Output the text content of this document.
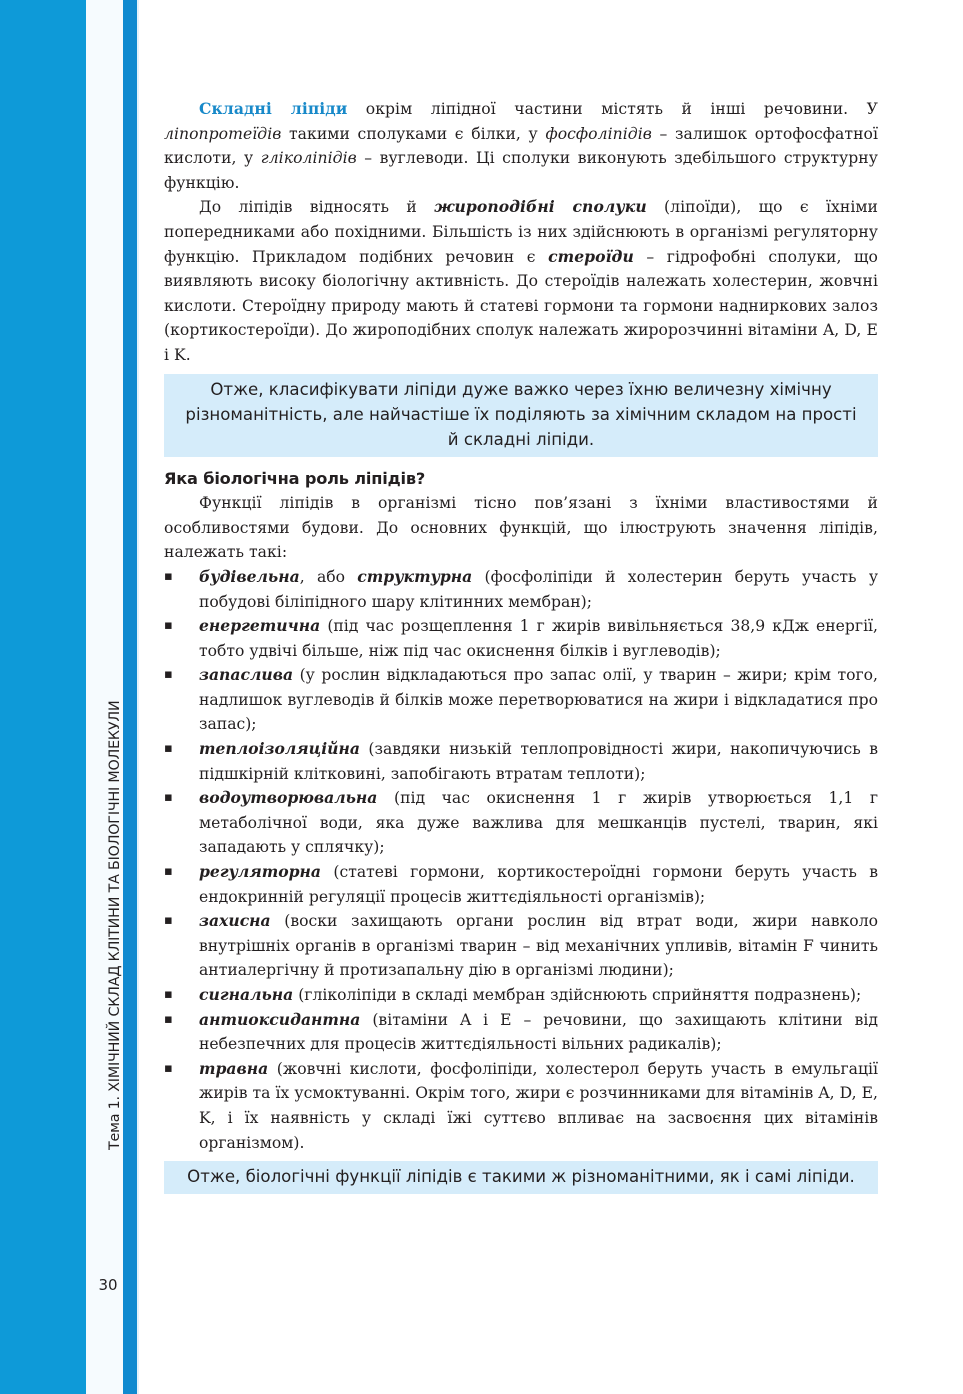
Тема 1. ХІМІЧНИЙ СКЛАД КЛІТИНИ ТА БІОЛОГІЧНІ МОЛЕКУЛИ
30

Складні ліпіди окрім ліпідної частини містять й інші речовини. У ліпопротеїдів такими сполуками є білки, у фосфоліпідів – залишок ортофосфатної кислоти, у гліколіпідів – вуглеводи. Ці сполуки виконують здебільшого структурну функцію.

До ліпідів відносять й жироподібні сполуки (ліпоїди), що є їхніми попередниками або похідними. Більшість із них здійснюють в організмі регуляторну функцію. Прикладом подібних речовин є стероїди – гідрофобні сполуки, що виявляють високу біологічну активність. До стероїдів належать холестерин, жовчні кислоти. Стероїдну природу мають й статеві гормони та гормони надниркових залоз (кортикостероїди). До жироподібних сполук належать жиророзчинні вітаміни A, D, E і K.

Отже, класифікувати ліпіди дуже важко через їхню величезну хімічну різноманітність, але найчастіше їх поділяють за хімічним складом на прості й складні ліпіди.
Яка біологічна роль ліпідів?

Функції ліпідів в організмі тісно пов’язані з їхніми властивостями й особливостями будови. До основних функцій, що ілюструють значення ліпідів, належать такі:

▪
будівельна, або структурна (фосфоліпіди й холестерин беруть участь у побудові біліпідного шару клітинних мембран);
▪
енергетична (під час розщеплення 1 г жирів вивільняється 38,9 кДж енергії, тобто удвічі більше, ніж під час окиснення білків і вуглеводів);
▪
запаслива (у рослин відкладаються про запас олії, у тварин – жири; крім того, надлишок вуглеводів й білків може перетворюватися на жири і відкладатися про запас);
▪
теплоізоляційна (завдяки низькій теплопровідності жири, накопичуючись в підшкірній клітковині, запобігають втратам теплоти);
▪
водоутворювальна (під час окиснення 1 г жирів утворюється 1,1 г метаболічної води, яка дуже важлива для мешканців пустелі, тварин, які западають у сплячку);
▪
регуляторна (статеві гормони, кортикостероїдні гормони беруть участь в ендокринній регуляції процесів життєдіяльності організмів);
▪
захисна (воски захищають органи рослин від втрат води, жири навколо внутрішніх органів в організмі тварин – від механічних упливів, вітамін F чинить антиалергічну й протизапальну дію в організмі людини);
▪
сигнальна (гліколіпіди в складі мембран здійснюють сприйняття подразнень);
▪
антиоксидантна (вітаміни A і E – речовини, що захищають клітини від небезпечних для процесів життєдіяльності вільних радикалів);
▪
травна (жовчні кислоти, фосфоліпіди, холестерол беруть участь в емульгації жирів та їх усмоктуванні. Окрім того, жири є розчинниками для вітамінів A, D, E, K, і їх наявність у складі їжі суттєво впливає на засвоєння цих вітамінів організмом).
Отже, біологічні функції ліпідів є такими ж різноманітними, як і самі ліпіди.
